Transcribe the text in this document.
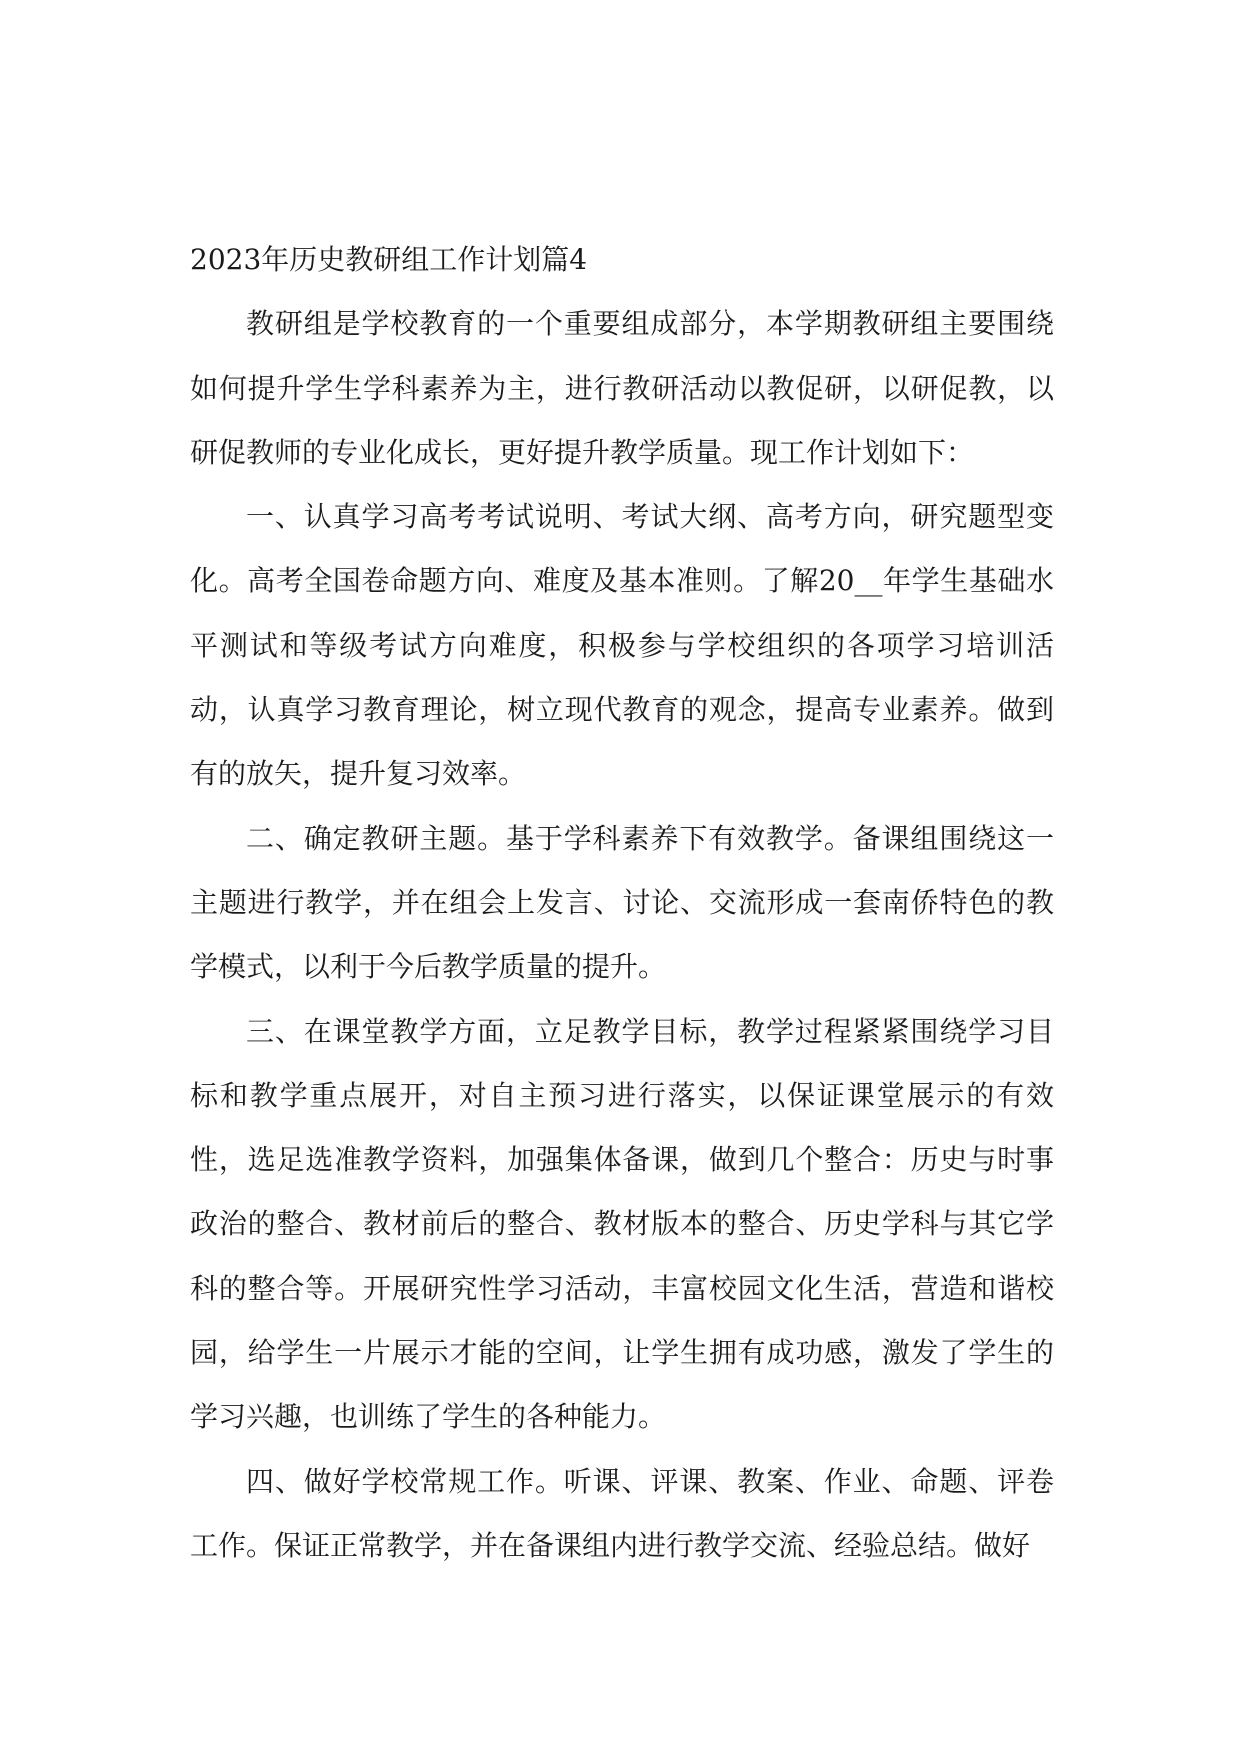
2023年历史教研组工作计划篇4

教研组是学校教育的一个重要组成部分，本学期教研组主要围绕如何提升学生学科素养为主，进行教研活动以教促研，以研促教，以研促教师的专业化成长，更好提升教学质量。现工作计划如下：

一、认真学习高考考试说明、考试大纲、高考方向，研究题型变化。高考全国卷命题方向、难度及基本准则。了解20__年学生基础水平测试和等级考试方向难度，积极参与学校组织的各项学习培训活动，认真学习教育理论，树立现代教育的观念，提高专业素养。做到有的放矢，提升复习效率。

二、确定教研主题。基于学科素养下有效教学。备课组围绕这一主题进行教学，并在组会上发言、讨论、交流形成一套南侨特色的教学模式，以利于今后教学质量的提升。

三、在课堂教学方面，立足教学目标，教学过程紧紧围绕学习目标和教学重点展开，对自主预习进行落实，以保证课堂展示的有效性，选足选准教学资料，加强集体备课，做到几个整合：历史与时事政治的整合、教材前后的整合、教材版本的整合、历史学科与其它学科的整合等。开展研究性学习活动，丰富校园文化生活，营造和谐校园，给学生一片展示才能的空间，让学生拥有成功感，激发了学生的学习兴趣，也训练了学生的各种能力。

四、做好学校常规工作。听课、评课、教案、作业、命题、评卷工作。保证正常教学，并在备课组内进行教学交流、经验总结。做好
